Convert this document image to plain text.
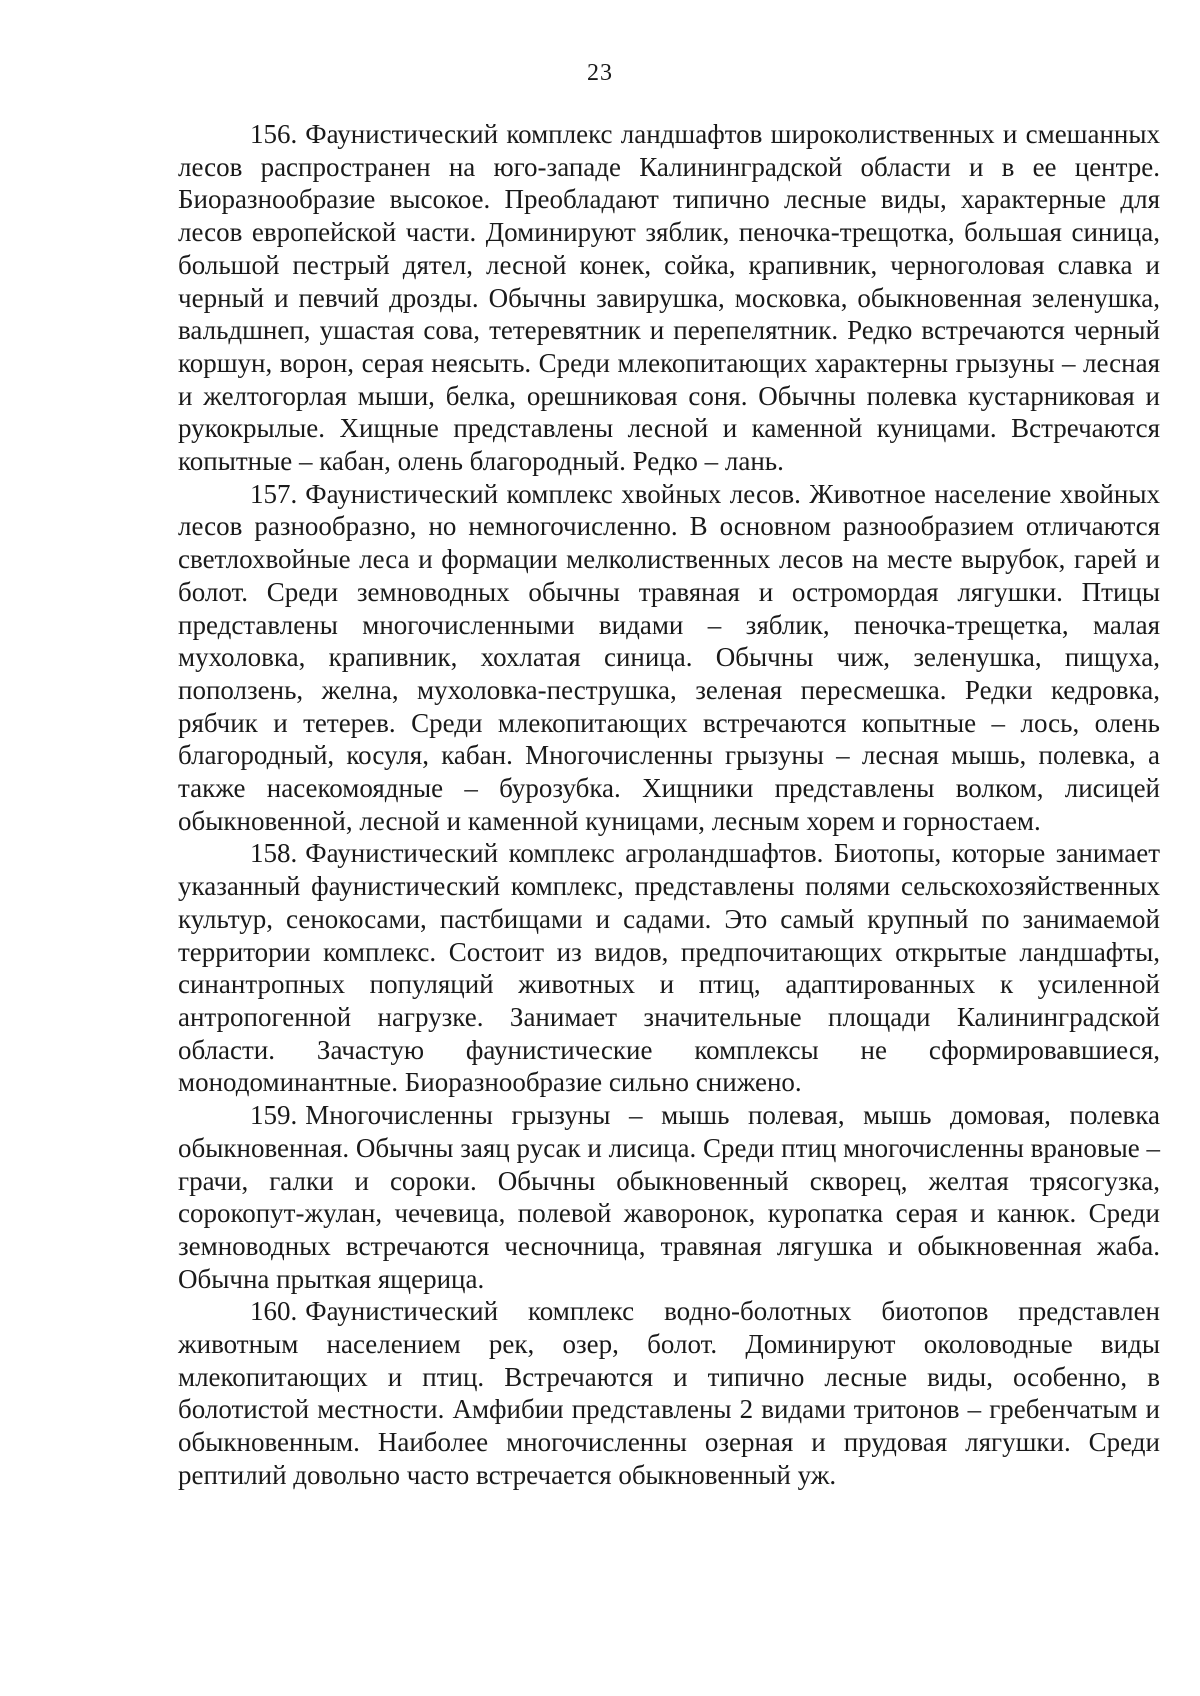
23

156. Фаунистический комплекс ландшафтов широколиственных и смешанных лесов распространен на юго-западе Калининградской области и в ее центре. Биоразнообразие высокое. Преобладают типично лесные виды, характерные для лесов европейской части. Доминируют зяблик, пеночка-трещотка, большая синица, большой пестрый дятел, лесной конек, сойка, крапивник, черноголовая славка и черный и певчий дрозды. Обычны завирушка, московка, обыкновенная зеленушка, вальдшнеп, ушастая сова, тетеревятник и перепелятник. Редко встречаются черный коршун, ворон, серая неясыть. Среди млекопитающих характерны грызуны – лесная и желтогорлая мыши, белка, орешниковая соня. Обычны полевка кустарниковая и рукокрылые. Хищные представлены лесной и каменной куницами. Встречаются копытные – кабан, олень благородный. Редко – лань.

157. Фаунистический комплекс хвойных лесов. Животное население хвойных лесов разнообразно, но немногочисленно. В основном разнообразием отличаются светлохвойные леса и формации мелколиственных лесов на месте вырубок, гарей и болот. Среди земноводных обычны травяная и остромордая лягушки. Птицы представлены многочисленными видами – зяблик, пеночка-трещетка, малая мухоловка, крапивник, хохлатая синица. Обычны чиж, зеленушка, пищуха, поползень, желна, мухоловка-пеструшка, зеленая пересмешка. Редки кедровка, рябчик и тетерев. Среди млекопитающих встречаются копытные – лось, олень благородный, косуля, кабан. Многочисленны грызуны – лесная мышь, полевка, а также насекомоядные – бурозубка. Хищники представлены волком, лисицей обыкновенной, лесной и каменной куницами, лесным хорем и горностаем.

158. Фаунистический комплекс агроландшафтов. Биотопы, которые занимает указанный фаунистический комплекс, представлены полями сельскохозяйственных культур, сенокосами, пастбищами и садами. Это самый крупный по занимаемой территории комплекс. Состоит из видов, предпочитающих открытые ландшафты, синантропных популяций животных и птиц, адаптированных к усиленной антропогенной нагрузке. Занимает значительные площади Калининградской области. Зачастую фаунистические комплексы не сформировавшиеся, монодоминантные. Биоразнообразие сильно снижено.

159. Многочисленны грызуны – мышь полевая, мышь домовая, полевка обыкновенная. Обычны заяц русак и лисица. Среди птиц многочисленны врановые – грачи, галки и сороки. Обычны обыкновенный скворец, желтая трясогузка, сорокопут-жулан, чечевица, полевой жаворонок, куропатка серая и канюк. Среди земноводных встречаются чесночница, травяная лягушка и обыкновенная жаба. Обычна прыткая ящерица.

160. Фаунистический комплекс водно-болотных биотопов представлен животным населением рек, озер, болот. Доминируют околоводные виды млекопитающих и птиц. Встречаются и типично лесные виды, особенно, в болотистой местности. Амфибии представлены 2 видами тритонов – гребенчатым и обыкновенным. Наиболее многочисленны озерная и прудовая лягушки. Среди рептилий довольно часто встречается обыкновенный уж.
